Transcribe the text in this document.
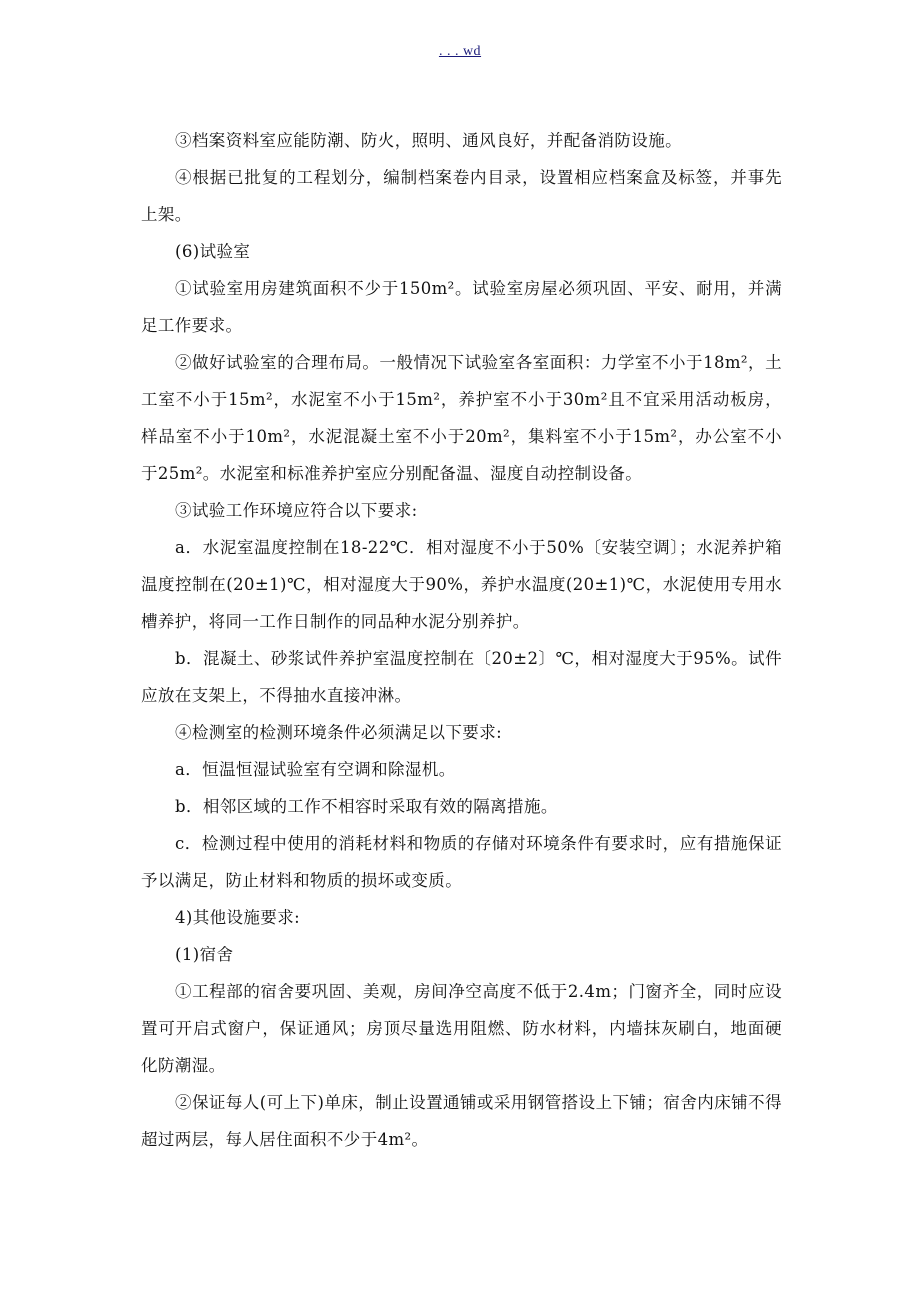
. . . wd

③档案资料室应能防潮、防火，照明、通风良好，并配备消防设施。

④根据已批复的工程划分，编制档案卷内目录，设置相应档案盒及标签，并事先上架。

(6)试验室

①试验室用房建筑面积不少于150m²。试验室房屋必须巩固、平安、耐用，并满足工作要求。

②做好试验室的合理布局。一般情况下试验室各室面积：力学室不小于18m²，土工室不小于15m²，水泥室不小于15m²，养护室不小于30m²且不宜采用活动板房，样品室不小于10m²，水泥混凝土室不小于20m²，集料室不小于15m²，办公室不小于25m²。水泥室和标准养护室应分别配备温、湿度自动控制设备。

③试验工作环境应符合以下要求:

a．水泥室温度控制在18-22℃．相对湿度不小于50%〔安装空调〕；水泥养护箱温度控制在(20±1)℃，相对湿度大于90%，养护水温度(20±1)℃，水泥使用专用水槽养护，将同一工作日制作的同品种水泥分别养护。

b．混凝土、砂浆试件养护室温度控制在〔20±2〕℃，相对湿度大于95%。试件应放在支架上，不得抽水直接冲淋。

④检测室的检测环境条件必须满足以下要求:

a．恒温恒湿试验室有空调和除湿机。

b．相邻区域的工作不相容时采取有效的隔离措施。

c．检测过程中使用的消耗材料和物质的存储对环境条件有要求时，应有措施保证予以满足，防止材料和物质的损坏或变质。

4)其他设施要求:

(1)宿舍

①工程部的宿舍要巩固、美观，房间净空高度不低于2.4m；门窗齐全，同时应设置可开启式窗户，保证通风；房顶尽量选用阻燃、防水材料，内墙抹灰刷白，地面硬化防潮湿。

②保证每人(可上下)单床，制止设置通铺或采用钢管搭设上下铺；宿舍内床铺不得超过两层，每人居住面积不少于4m²。
